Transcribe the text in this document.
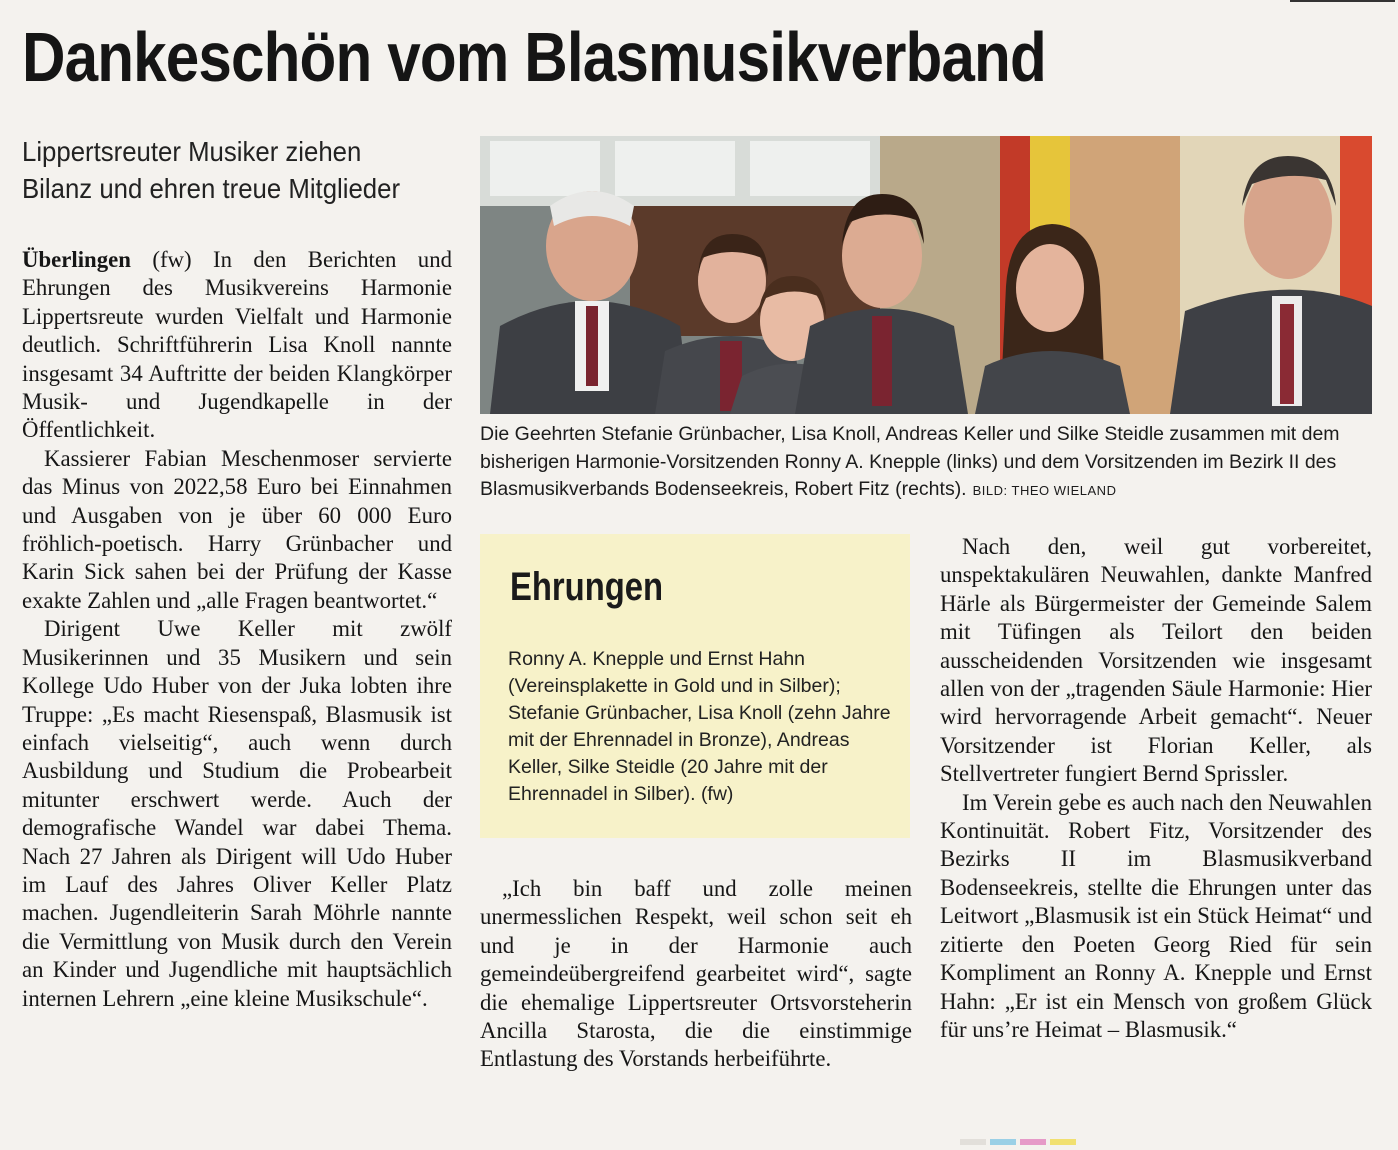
Dankeschön vom Blasmusikverband
Lippertsreuter Musiker ziehen
Bilanz und ehren treue Mitglieder

Überlingen (fw) In den Berichten und Ehrungen des Musikvereins Harmonie Lippertsreute wurden Vielfalt und Harmonie deutlich. Schriftführerin Lisa Knoll nannte insgesamt 34 Auftritte der beiden Klangkörper Musik- und Jugendkapelle in der Öffentlichkeit.

Kassierer Fabian Meschenmoser servierte das Minus von 2022,58 Euro bei Einnahmen und Ausgaben von je über 60 000 Euro fröhlich-poetisch. Harry Grünbacher und Karin Sick sahen bei der Prüfung der Kasse exakte Zahlen und „alle Fragen beantwortet.“

Dirigent Uwe Keller mit zwölf Musikerinnen und 35 Musikern und sein Kollege Udo Huber von der Juka lobten ihre Truppe: „Es macht Riesenspaß, Blasmusik ist einfach vielseitig“, auch wenn durch Ausbildung und Studium die Probearbeit mitunter erschwert werde. Auch der demografische Wandel war dabei Thema. Nach 27 Jahren als Dirigent will Udo Huber im Lauf des Jahres Oliver Keller Platz machen. Jugendleiterin Sarah Möhrle nannte die Vermittlung von Musik durch den Verein an Kinder und Jugendliche mit hauptsächlich internen Lehrern „eine kleine Musikschule“.

Die Geehrten Stefanie Grünbacher, Lisa Knoll, Andreas Keller und Silke Steidle zusammen mit dem bisherigen Harmonie-Vorsitzenden Ronny A. Knepple (links) und dem Vorsitzenden im Bezirk II des Blasmusikverbands Bodenseekreis, Robert Fitz (rechts). BILD: THEO WIELAND
Ehrungen
Ronny A. Knepple und Ernst Hahn (Vereinsplakette in Gold und in Silber); Stefanie Grünbacher, Lisa Knoll (zehn Jahre mit der Ehrennadel in Bronze), Andreas Keller, Silke Steidle (20 Jahre mit der Ehrennadel in Silber). (fw)

„Ich bin baff und zolle meinen unermesslichen Respekt, weil schon seit eh und je in der Harmonie auch gemeindeübergreifend gearbeitet wird“, sagte die ehemalige Lippertsreuter Ortsvorsteherin Ancilla Starosta, die die einstimmige Entlastung des Vorstands herbeiführte.

Nach den, weil gut vorbereitet, unspektakulären Neuwahlen, dankte Manfred Härle als Bürgermeister der Gemeinde Salem mit Tüfingen als Teilort den beiden ausscheidenden Vorsitzenden wie insgesamt allen von der „tragenden Säule Harmonie: Hier wird hervorragende Arbeit gemacht“. Neuer Vorsitzender ist Florian Keller, als Stellvertreter fungiert Bernd Sprissler.

Im Verein gebe es auch nach den Neuwahlen Kontinuität. Robert Fitz, Vorsitzender des Bezirks II im Blasmusikverband Bodenseekreis, stellte die Ehrungen unter das Leitwort „Blasmusik ist ein Stück Heimat“ und zitierte den Poeten Georg Ried für sein Kompliment an Ronny A. Knepple und Ernst Hahn: „Er ist ein Mensch von großem Glück für uns’re Heimat – Blasmusik.“
